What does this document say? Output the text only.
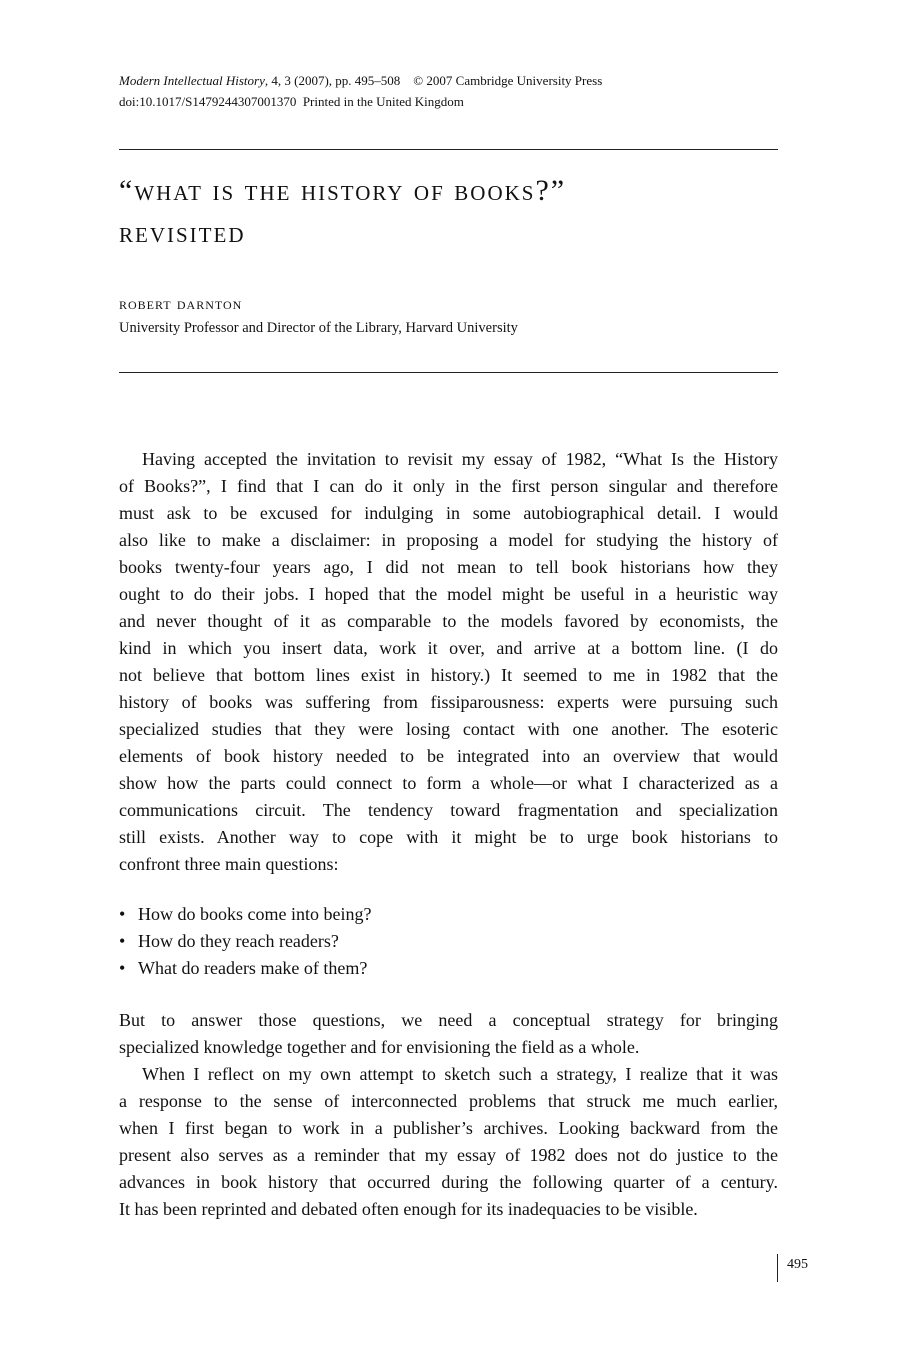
Modern Intellectual History, 4, 3 (2007), pp. 495–508 © 2007 Cambridge University Press
doi:10.1017/S1479244307001370 Printed in the United Kingdom
“what is the history of books?”
revisited
robert darnton
University Professor and Director of the Library, Harvard University
Having accepted the invitation to revisit my essay of 1982, “What Is the History
of Books?”, I find that I can do it only in the first person singular and therefore
must ask to be excused for indulging in some autobiographical detail. I would
also like to make a disclaimer: in proposing a model for studying the history of
books twenty-four years ago, I did not mean to tell book historians how they
ought to do their jobs. I hoped that the model might be useful in a heuristic way
and never thought of it as comparable to the models favored by economists, the
kind in which you insert data, work it over, and arrive at a bottom line. (I do
not believe that bottom lines exist in history.) It seemed to me in 1982 that the
history of books was suffering from fissiparousness: experts were pursuing such
specialized studies that they were losing contact with one another. The esoteric
elements of book history needed to be integrated into an overview that would
show how the parts could connect to form a whole—or what I characterized as a
communications circuit. The tendency toward fragmentation and specialization
still exists. Another way to cope with it might be to urge book historians to
confront three main questions:
• How do books come into being?
• How do they reach readers?
• What do readers make of them?
But to answer those questions, we need a conceptual strategy for bringing
specialized knowledge together and for envisioning the field as a whole.
When I reflect on my own attempt to sketch such a strategy, I realize that it was
a response to the sense of interconnected problems that struck me much earlier,
when I first began to work in a publisher’s archives. Looking backward from the
present also serves as a reminder that my essay of 1982 does not do justice to the
advances in book history that occurred during the following quarter of a century.
It has been reprinted and debated often enough for its inadequacies to be visible.
495
